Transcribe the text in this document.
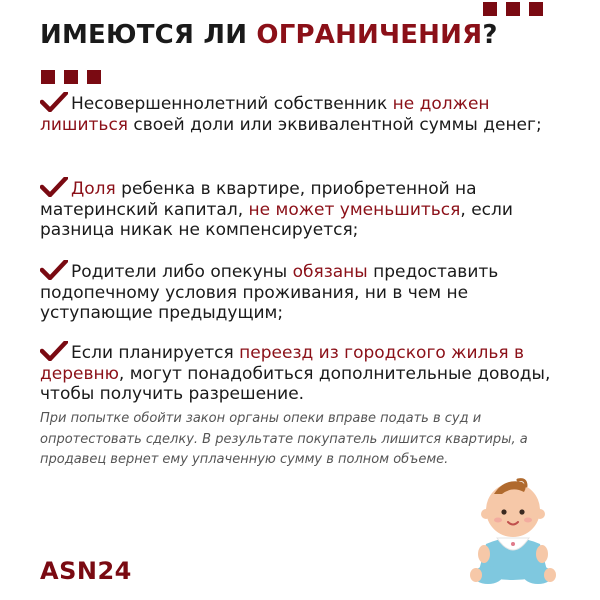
ИМЕЮТСЯ ЛИ ОГРАНИЧЕНИЯ?
Несовершеннолетний собственник не должен лишиться своей доли или эквивалентной суммы денег;
Доля ребенка в квартире, приобретенной на материнский капитал, не может уменьшиться, если разница никак не компенсируется;
Родители либо опекуны обязаны предоставить подопечному условия проживания, ни в чем не уступающие предыдущим;
Если планируется переезд из городского жилья в деревню, могут понадобиться дополнительные доводы, чтобы получить разрешение.
При попытке обойти закон органы опеки вправе подать в суд и опротестовать сделку. В результате покупатель лишится квартиры, а продавец вернет ему уплаченную сумму в полном объеме.
ASN24
